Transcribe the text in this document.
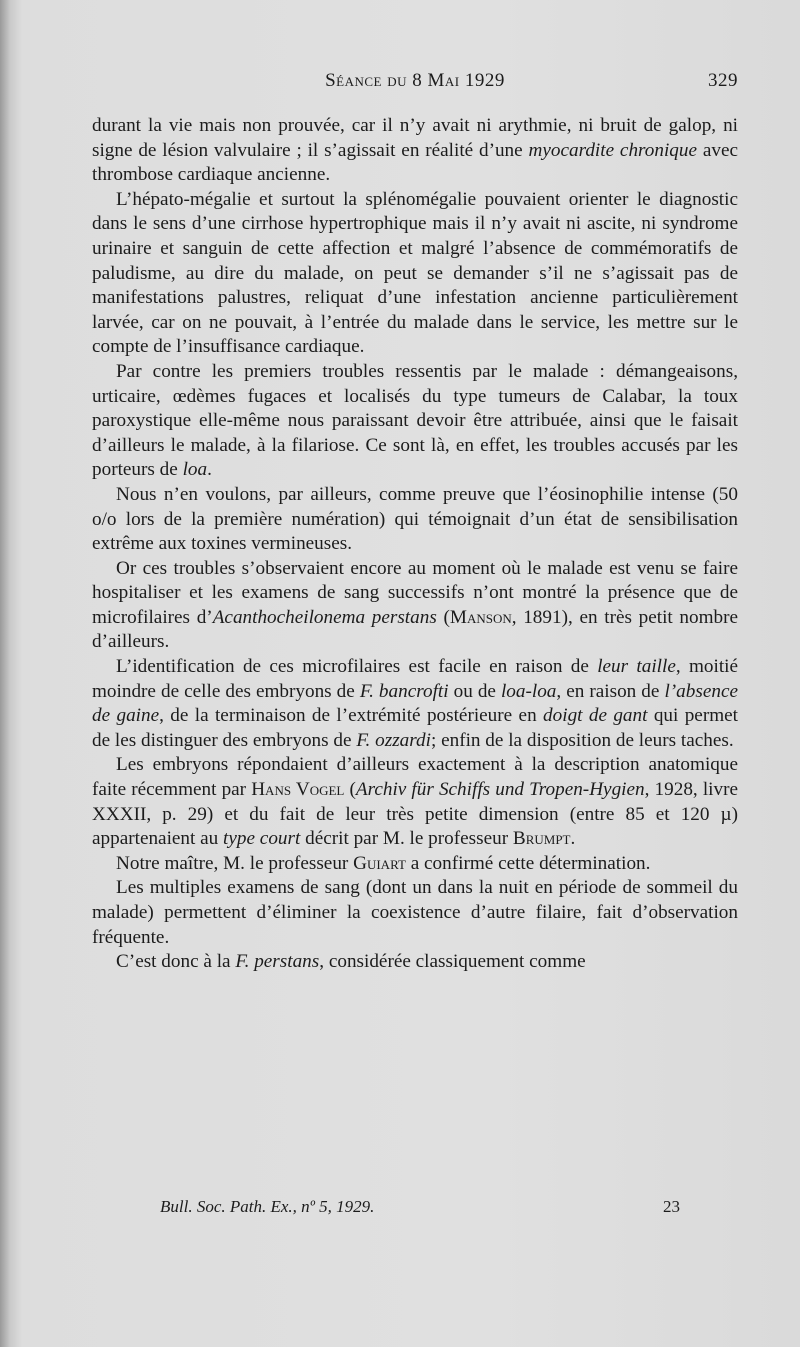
Séance du 8 Mai 1929	329

durant la vie mais non prouvée, car il n’y avait ni arythmie, ni bruit de galop, ni signe de lésion valvulaire ; il s’agissait en réalité d’une myocardite chronique avec thrombose cardiaque ancienne.

L’hépato-mégalie et surtout la splénomégalie pouvaient orienter le diagnostic dans le sens d’une cirrhose hypertrophique mais il n’y avait ni ascite, ni syndrome urinaire et sanguin de cette affection et malgré l’absence de commémoratifs de paludisme, au dire du malade, on peut se demander s’il ne s’agissait pas de manifestations palustres, reliquat d’une infestation ancienne particulièrement larvée, car on ne pouvait, à l’entrée du malade dans le service, les mettre sur le compte de l’insuffisance cardiaque.

Par contre les premiers troubles ressentis par le malade : démangeaisons, urticaire, œdèmes fugaces et localisés du type tumeurs de Calabar, la toux paroxystique elle-même nous paraissant devoir être attribuée, ainsi que le faisait d’ailleurs le malade, à la filariose. Ce sont là, en effet, les troubles accusés par les porteurs de loa.

Nous n’en voulons, par ailleurs, comme preuve que l’éosinophilie intense (50 o/o lors de la première numération) qui témoignait d’un état de sensibilisation extrême aux toxines vermineuses.

Or ces troubles s’observaient encore au moment où le malade est venu se faire hospitaliser et les examens de sang successifs n’ont montré la présence que de microfilaires d’Acanthocheilonema perstans (Manson, 1891), en très petit nombre d’ailleurs.

L’identification de ces microfilaires est facile en raison de leur taille, moitié moindre de celle des embryons de F. bancrofti ou de loa-loa, en raison de l’absence de gaine, de la terminaison de l’extrémité postérieure en doigt de gant qui permet de les distinguer des embryons de F. ozzardi; enfin de la disposition de leurs taches.

Les embryons répondaient d’ailleurs exactement à la description anatomique faite récemment par Hans Vogel (Archiv für Schiffs und Tropen-Hygien, 1928, livre XXXII, p. 29) et du fait de leur très petite dimension (entre 85 et 120 µ) appartenaient au type court décrit par M. le professeur Brumpt.

Notre maître, M. le professeur Guiart a confirmé cette détermination.

Les multiples examens de sang (dont un dans la nuit en période de sommeil du malade) permettent d’éliminer la coexistence d’autre filaire, fait d’observation fréquente.

C’est donc à la F. perstans, considérée classiquement comme

Bull. Soc. Path. Ex., nº 5, 1929.	23
